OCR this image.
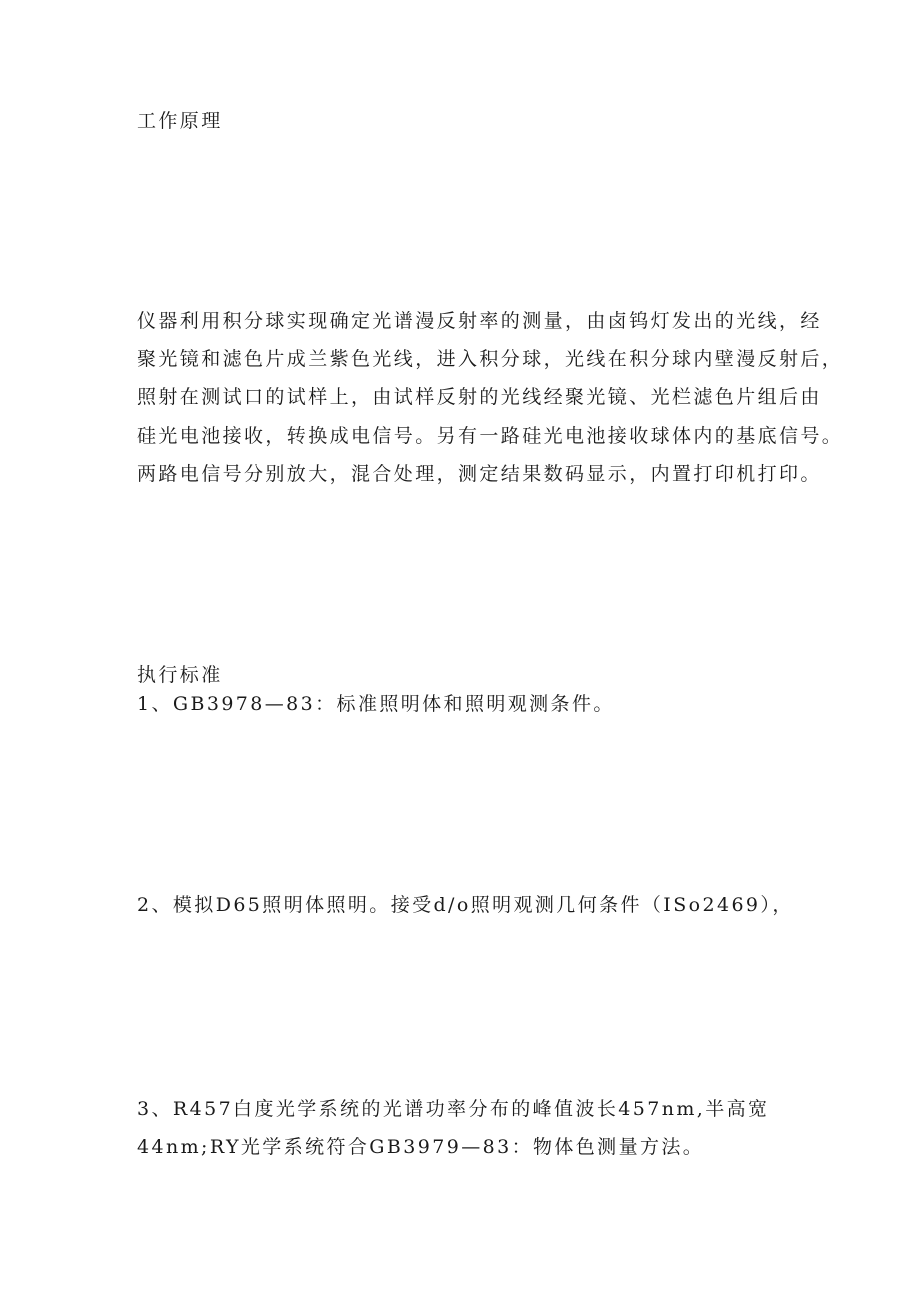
工作原理

仪器利用积分球实现确定光谱漫反射率的测量，由卤钨灯发出的光线，经

聚光镜和滤色片成兰紫色光线，进入积分球，光线在积分球内壁漫反射后，

照射在测试口的试样上，由试样反射的光线经聚光镜、光栏滤色片组后由

硅光电池接收，转换成电信号。另有一路硅光电池接收球体内的基底信号。

两路电信号分别放大，混合处理，测定结果数码显示，内置打印机打印。

执行标准

1、GB3978—83：标准照明体和照明观测条件。

2、模拟D65照明体照明。接受d/o照明观测几何条件（ISo2469），

3、R457白度光学系统的光谱功率分布的峰值波长457nm,半高宽

44nm;RY光学系统符合GB3979—83：物体色测量方法。
